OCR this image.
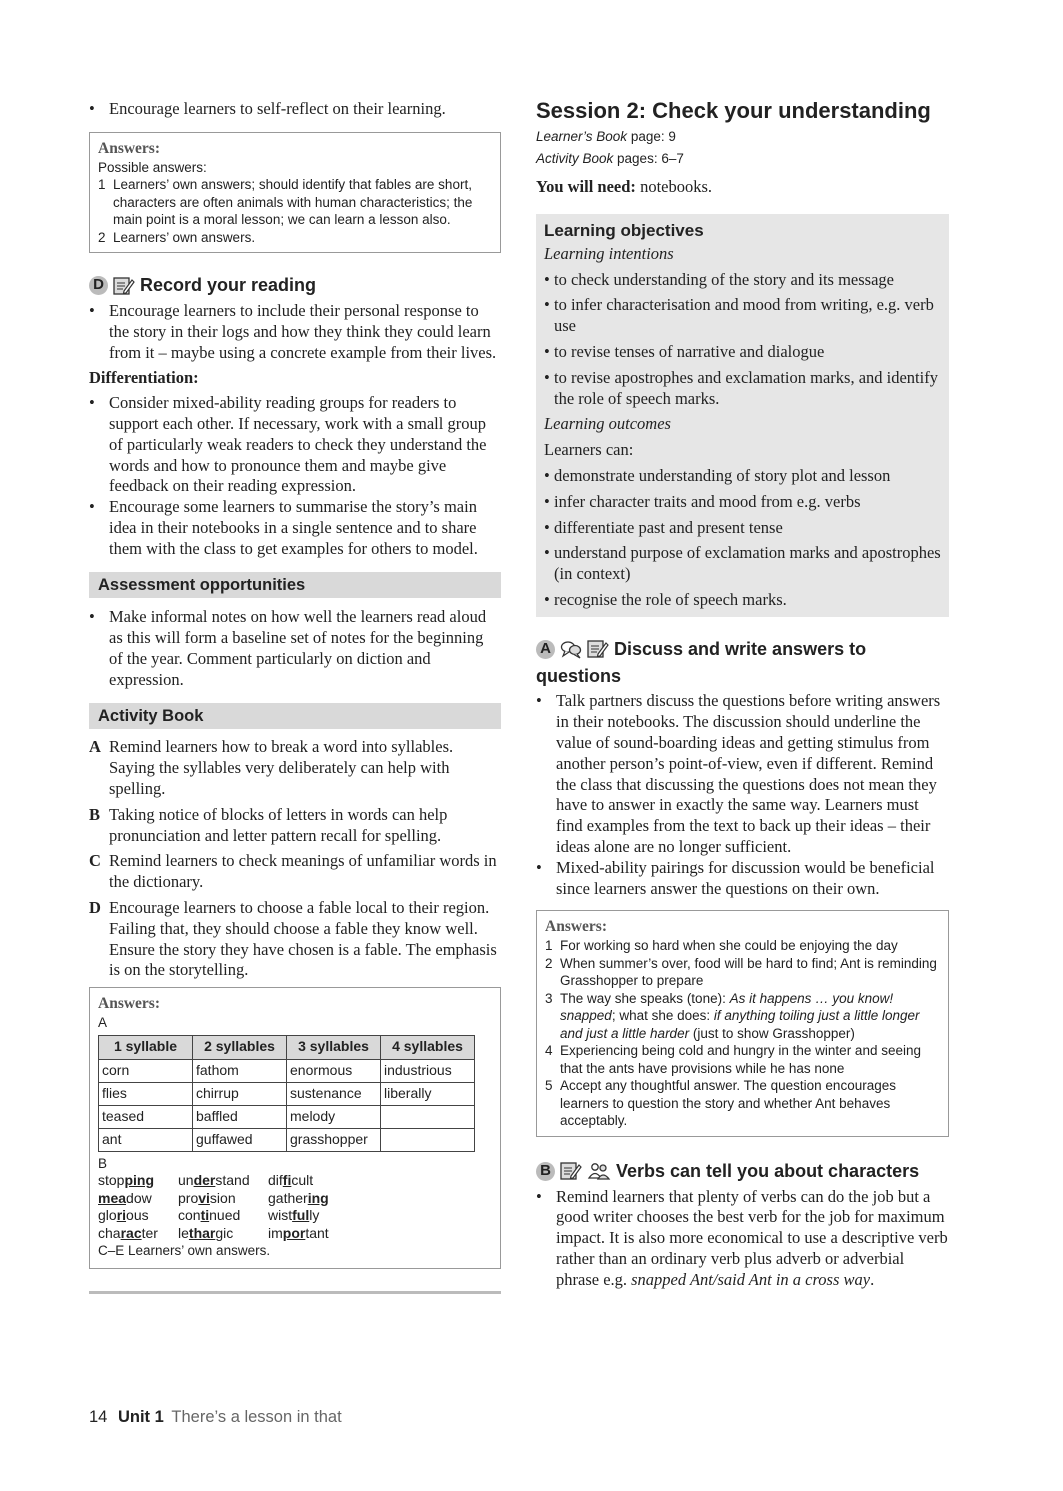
• Encourage learners to self-reflect on their learning.
Answers:
Possible answers:
1 Learners’ own answers; should identify that fables are short, characters are often animals with human characteristics; the main point is a moral lesson; we can learn a lesson also.
2 Learners’ own answers.
D Record your reading
• Encourage learners to include their personal response to the story in their logs and how they think they could learn from it – maybe using a concrete example from their lives.
Differentiation:
• Consider mixed-ability reading groups for readers to support each other. If necessary, work with a small group of particularly weak readers to check they understand the words and how to pronounce them and maybe give feedback on their reading expression.
• Encourage some learners to summarise the story’s main idea in their notebooks in a single sentence and to share them with the class to get examples for others to model.
Assessment opportunities
• Make informal notes on how well the learners read aloud as this will form a baseline set of notes for the beginning of the year. Comment particularly on diction and expression.
Activity Book
A Remind learners how to break a word into syllables. Saying the syllables very deliberately can help with spelling.
B Taking notice of blocks of letters in words can help pronunciation and letter pattern recall for spelling.
C Remind learners to check meanings of unfamiliar words in the dictionary.
D Encourage learners to choose a fable local to their region. Failing that, they should choose a fable they know well. Ensure the story they have chosen is a fable. The emphasis is on the storytelling.
Answers:
A
1 syllable	2 syllables	3 syllables	4 syllables
corn	fathom	enormous	industrious
flies	chirrup	sustenance	liberally
teased	baffled	melody	
ant	guffawed	grasshopper	
B
stopping	understand	difficult
meadow	provision	gathering
glorious	continued	wistfully
character	lethargic	important
C–E Learners’ own answers.
Session 2: Check your understanding
Learner’s Book page: 9
Activity Book pages: 6–7
You will need: notebooks.
Learning objectives
Learning intentions
• to check understanding of the story and its message
• to infer characterisation and mood from writing, e.g. verb use
• to revise tenses of narrative and dialogue
• to revise apostrophes and exclamation marks, and identify the role of speech marks.
Learning outcomes
Learners can:
• demonstrate understanding of story plot and lesson
• infer character traits and mood from e.g. verbs
• differentiate past and present tense
• understand purpose of exclamation marks and apostrophes (in context)
• recognise the role of speech marks.
A	Discuss and write answers to
questions
• Talk partners discuss the questions before writing answers in their notebooks. The discussion should underline the value of sound-boarding ideas and getting stimulus from another person’s point-of-view, even if different. Remind the class that discussing the questions does not mean they have to answer in exactly the same way. Learners must find examples from the text to back up their ideas – their ideas alone are no longer sufficient.
• Mixed-ability pairings for discussion would be beneficial since learners answer the questions on their own.
Answers:
1 For working so hard when she could be enjoying the day
2 When summer’s over, food will be hard to find; Ant is reminding Grasshopper to prepare
3 The way she speaks (tone): As it happens … you know! snapped; what she does: if anything toiling just a little longer and just a little harder (just to show Grasshopper)
4 Experiencing being cold and hungry in the winter and seeing that the ants have provisions while he has none
5 Accept any thoughtful answer. The question encourages learners to question the story and whether Ant behaves acceptably.
B	Verbs can tell you about characters
• Remind learners that plenty of verbs can do the job but a good writer chooses the best verb for the job for maximum impact. It is also more economical to use a descriptive verb rather than an ordinary verb plus adverb or adverbial phrase e.g. snapped Ant/said Ant in a cross way.
14 Unit 1 There’s a lesson in that
